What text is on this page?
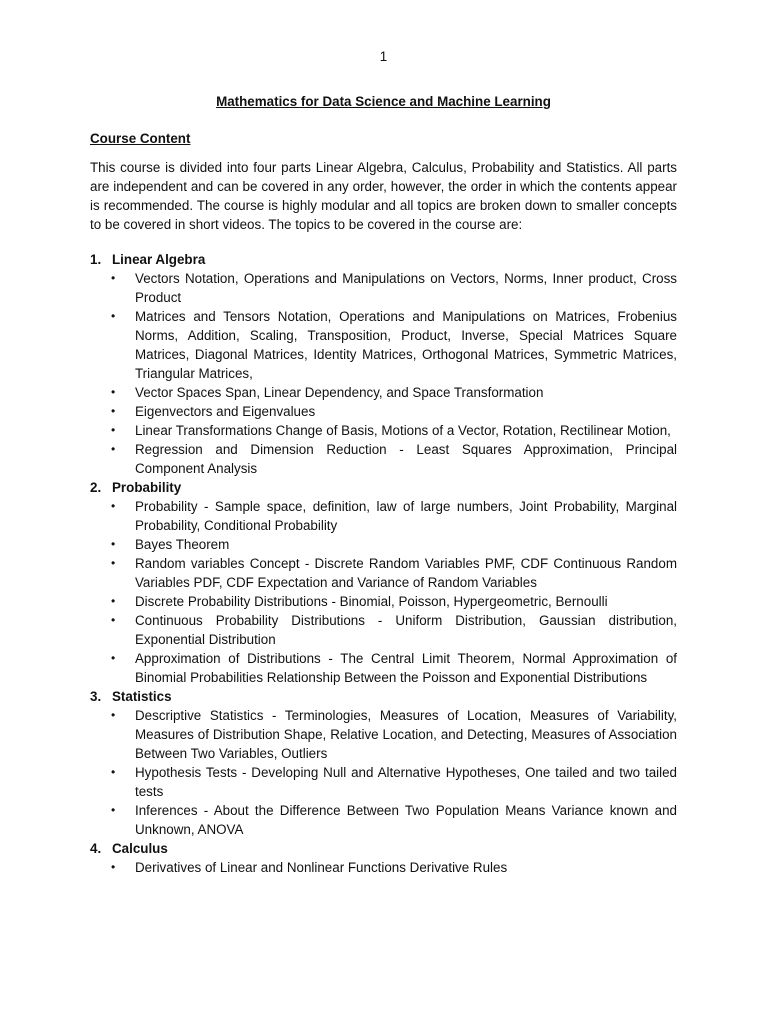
1
Mathematics for Data Science and Machine Learning
Course Content

This course is divided into four parts Linear Algebra, Calculus, Probability and Statistics. All parts are independent and can be covered in any order, however, the order in which the contents appear is recommended. The course is highly modular and all topics are broken down to smaller concepts to be covered in short videos. The topics to be covered in the course are:

1. Linear Algebra
• Vectors Notation, Operations and Manipulations on Vectors, Norms, Inner product, Cross Product
• Matrices and Tensors Notation, Operations and Manipulations on Matrices, Frobenius Norms, Addition, Scaling, Transposition, Product, Inverse, Special Matrices Square Matrices, Diagonal Matrices, Identity Matrices, Orthogonal Matrices, Symmetric Matrices, Triangular Matrices,
• Vector Spaces Span, Linear Dependency, and Space Transformation
• Eigenvectors and Eigenvalues
• Linear Transformations Change of Basis, Motions of a Vector, Rotation, Rectilinear Motion,
• Regression and Dimension Reduction - Least Squares Approximation, Principal Component Analysis
2. Probability
• Probability - Sample space, definition, law of large numbers, Joint Probability, Marginal Probability, Conditional Probability
• Bayes Theorem
• Random variables Concept - Discrete Random Variables PMF, CDF Continuous Random Variables PDF, CDF Expectation and Variance of Random Variables
• Discrete Probability Distributions - Binomial, Poisson, Hypergeometric, Bernoulli
• Continuous Probability Distributions - Uniform Distribution, Gaussian distribution, Exponential Distribution
• Approximation of Distributions - The Central Limit Theorem, Normal Approximation of Binomial Probabilities Relationship Between the Poisson and Exponential Distributions
3. Statistics
• Descriptive Statistics - Terminologies, Measures of Location, Measures of Variability, Measures of Distribution Shape, Relative Location, and Detecting, Measures of Association Between Two Variables, Outliers
• Hypothesis Tests - Developing Null and Alternative Hypotheses, One tailed and two tailed tests
• Inferences - About the Difference Between Two Population Means Variance known and Unknown, ANOVA
4. Calculus
• Derivatives of Linear and Nonlinear Functions Derivative Rules
